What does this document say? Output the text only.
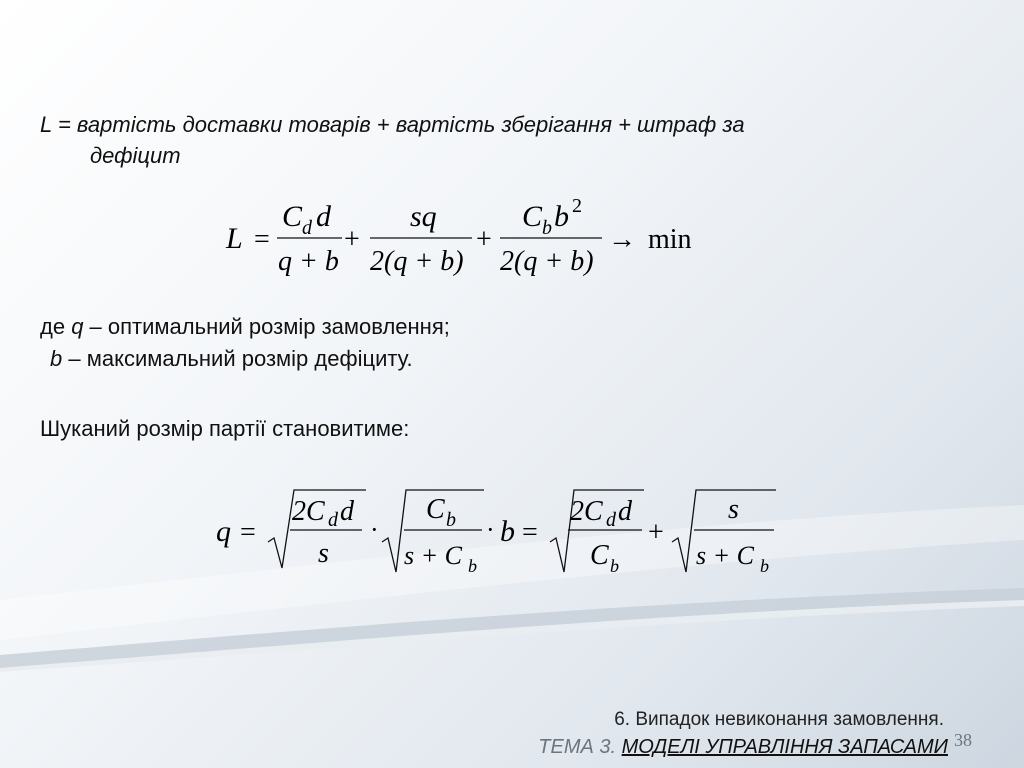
L = вартість доставки товарів + вартість зберігання + штраф за
дефіцит
L =
C d d
q + b
+
sq
2(q + b)
+
C b b 2
2(q + b)
→ min
де q – оптимальний розмір замовлення;
b – максимальний розмір дефіциту.
Шуканий розмір партії становитиме:
q =
2C d d
s
·
C b
s + C b
· b =
2C d d
C b
+
s
s + C b
6. Випадок невиконання замовлення.
ТЕМА 3. МОДЕЛІ УПРАВЛІННЯ ЗАПАСАМИ 38
